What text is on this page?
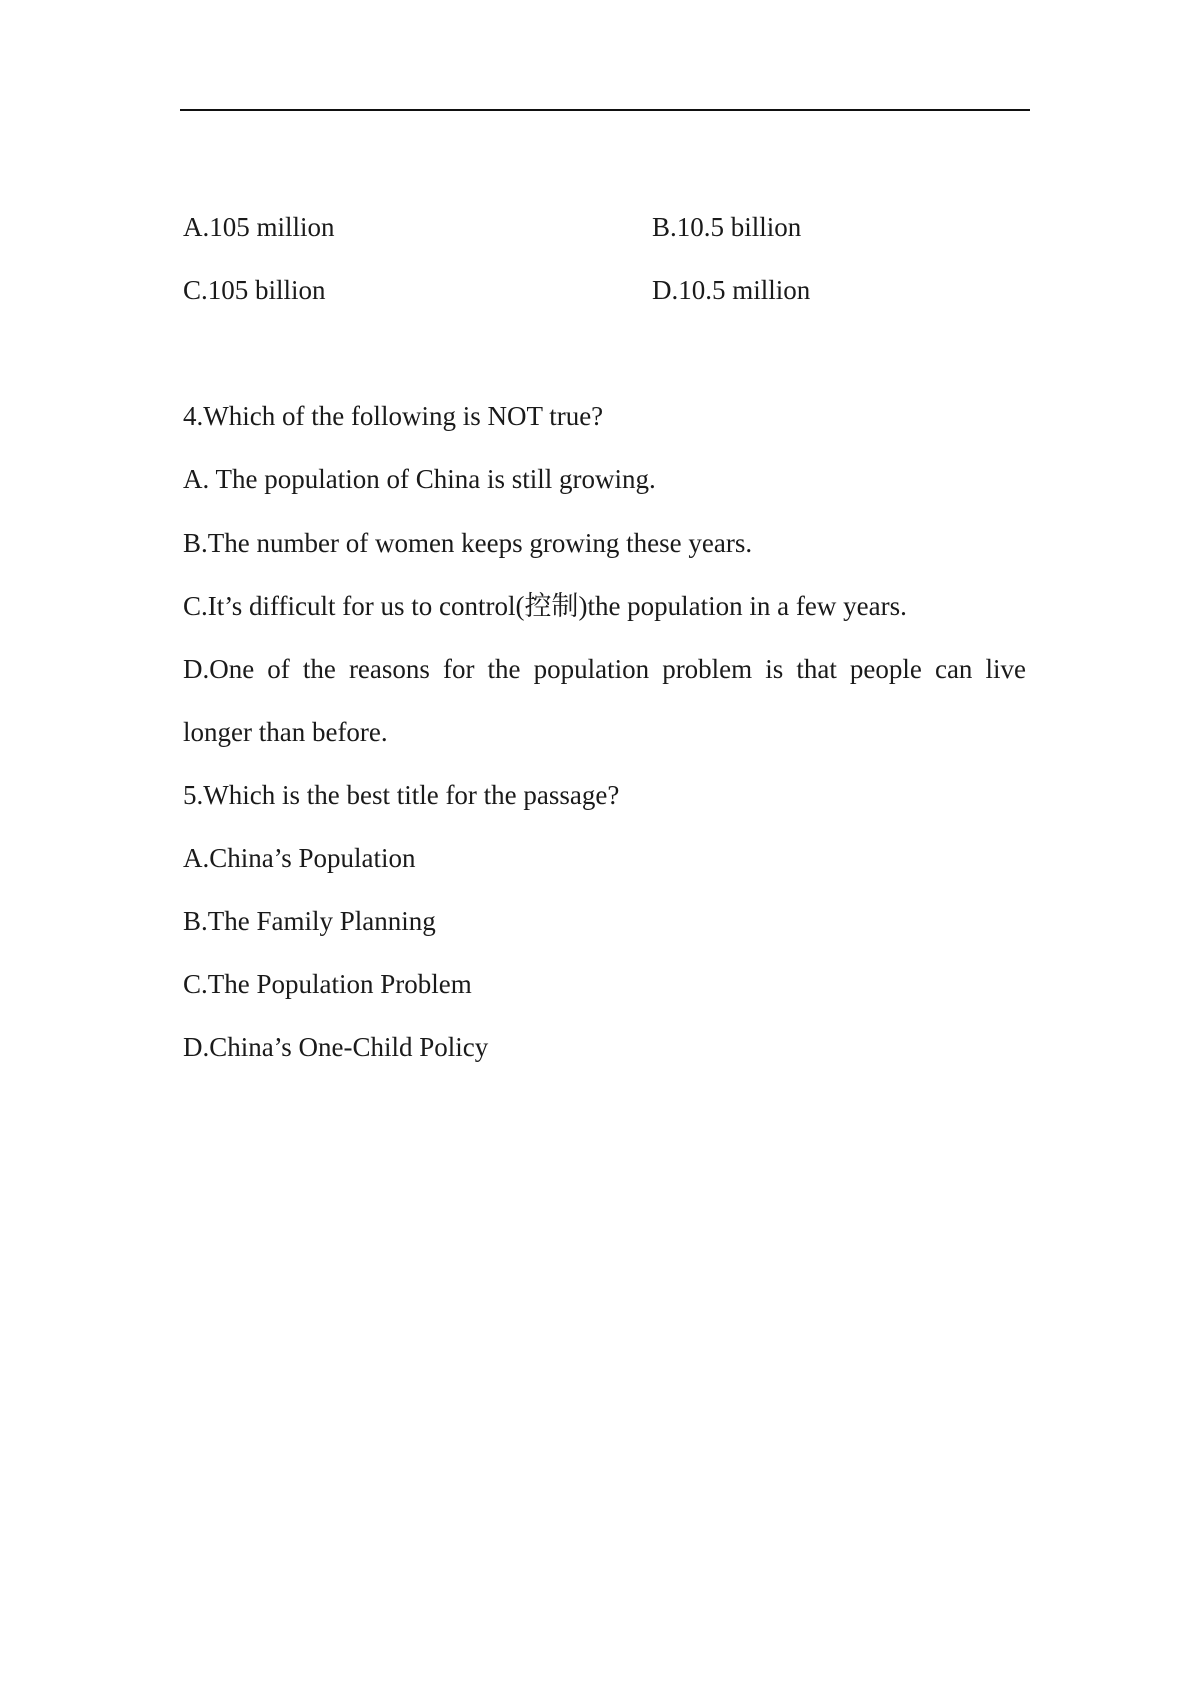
A.105 million	B.10.5 billion
C.105 billion	D.10.5 million
4.Which of the following is NOT true?
A. The population of China is still growing.
B.The number of women keeps growing these years.
C.It’s difficult for us to control(控制)the population in a few years.
D.One of the reasons for the population problem is that people can live
longer than before.
5.Which is the best title for the passage?
A.China’s Population
B.The Family Planning
C.The Population Problem
D.China’s One-Child Policy
